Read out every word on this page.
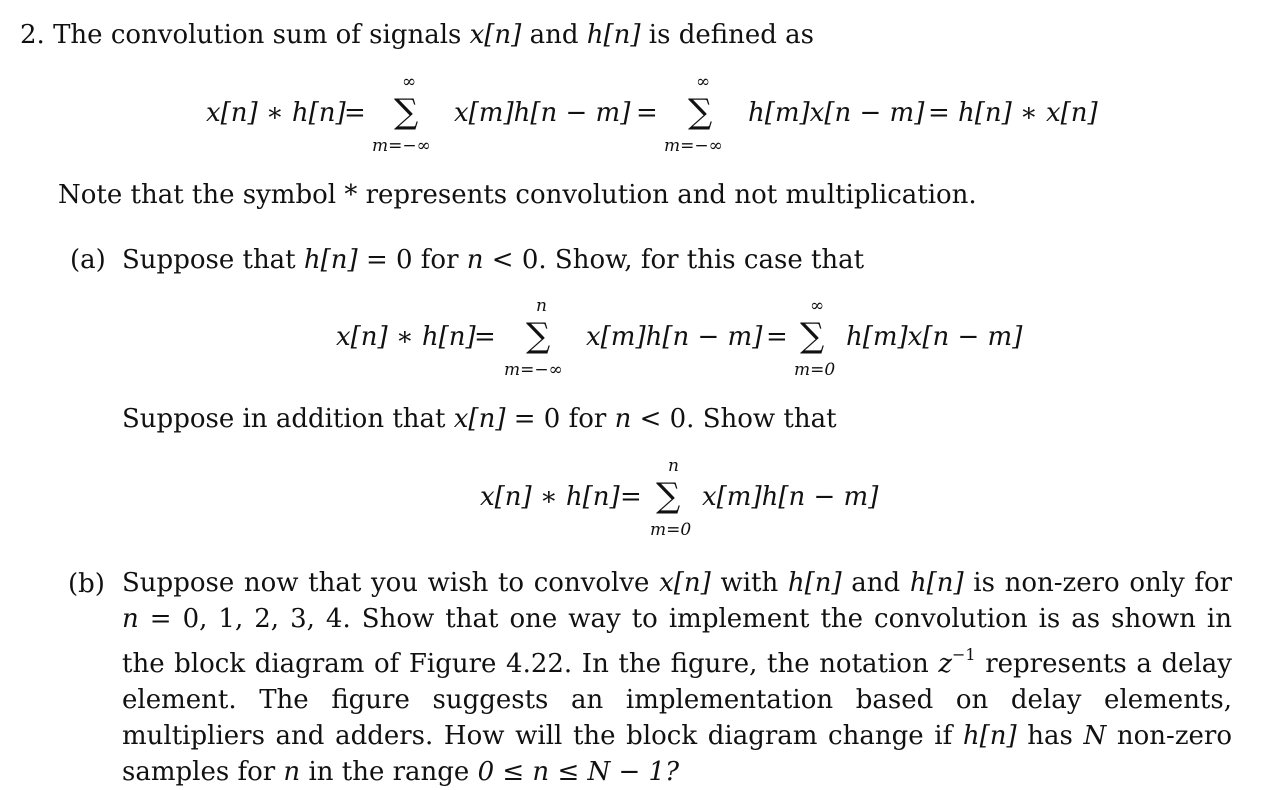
2. The convolution sum of signals x[n] and h[n] is defined as
x[n] ∗ h[n]
=
∞
∑
m=−∞
x[m]h[n − m] =
∞
∑
m=−∞
h[m]x[n − m] = h[n] ∗ x[n]
Note that the symbol * represents convolution and not multiplication.
(a) Suppose that h[n] = 0 for n < 0. Show, for this case that
x[n] ∗ h[n]
=
n
∑
m=−∞
x[m]h[n − m] =
∞
∑
m=0
h[m]x[n − m]
Suppose in addition that x[n] = 0 for n < 0. Show that
x[n] ∗ h[n] =
n
∑
m=0
x[m]h[n − m]
(b) Suppose now that you wish to convolve x[n] with h[n] and h[n] is non-zero only for n = 0, 1, 2, 3, 4. Show that one way to implement the convolution is as shown in the block diagram of Figure 4.22. In the figure, the notation $z^{-1}$ represents a delay element. The figure suggests an implementation based on delay elements, multipliers and adders. How will the block diagram change if h[n] has N non-zero samples for n in the range 0 ≤ n ≤ N − 1?
